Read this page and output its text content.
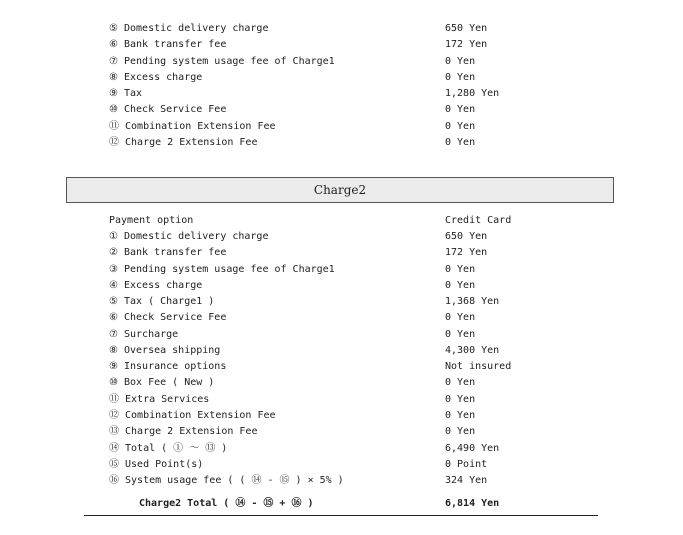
⑤ Domestic delivery charge	650 Yen
⑥ Bank transfer fee	172 Yen
⑦ Pending system usage fee of Charge1	0 Yen
⑧ Excess charge	0 Yen
⑨ Tax	1,280 Yen
⑩ Check Service Fee	0 Yen
⑪ Combination Extension Fee	0 Yen
⑫ Charge 2 Extension Fee	0 Yen
Charge2
Payment option	Credit Card
① Domestic delivery charge	650 Yen
② Bank transfer fee	172 Yen
③ Pending system usage fee of Charge1	0 Yen
④ Excess charge	0 Yen
⑤ Tax ( Charge1 )	1,368 Yen
⑥ Check Service Fee	0 Yen
⑦ Surcharge	0 Yen
⑧ Oversea shipping	4,300 Yen
⑨ Insurance options	Not insured
⑩ Box Fee ( New )	0 Yen
⑪ Extra Services	0 Yen
⑫ Combination Extension Fee	0 Yen
⑬ Charge 2 Extension Fee	0 Yen
⑭ Total ( ① ～ ⑬ )	6,490 Yen
⑮ Used Point(s)	0 Point
⑯ System usage fee ( ( ⑭ - ⑮ ) × 5% )	324 Yen
Charge2 Total ( ⑭ - ⑮ + ⑯ )	6,814 Yen
